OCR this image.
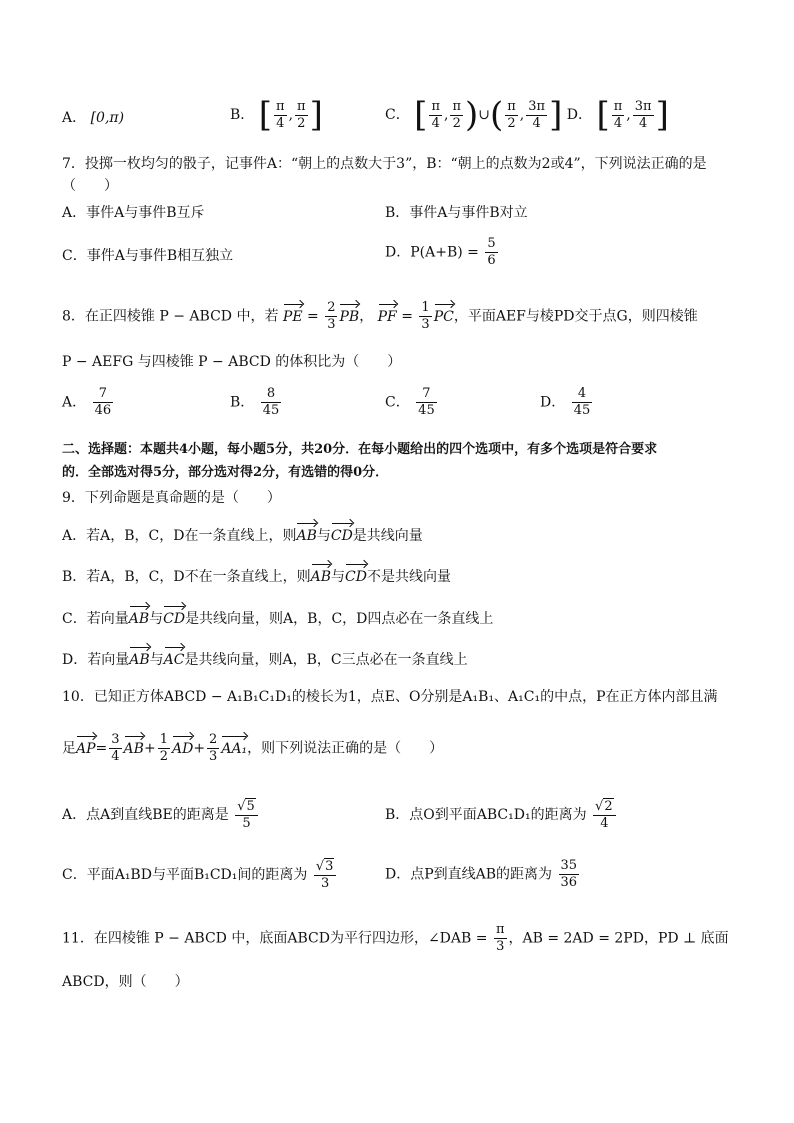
A． [0,π)	B． [ $\frac{\pi}{4}$ , $\frac{\pi}{2}$ ]	C． [ $\frac{\pi}{4}$ , $\frac{\pi}{2}$ )∪( $\frac{\pi}{2}$ , $\frac{3\pi}{4}$ ] D． [ $\frac{\pi}{4}$ , $\frac{3\pi}{4}$ ]
7．投掷一枚均匀的骰子，记事件A：“朝上的点数大于3”，B：“朝上的点数为2或4”，下列说法正确的是
（　　）
A．事件A与事件B互斥	B．事件A与事件B对立
C．事件A与事件B相互独立	D．$P(A+B) = \frac{5}{6}$
8．在正四棱锥 P − ABCD 中，若 PE = $\frac{2}{3}$ PB， PF = $\frac{1}{3}$ PC，平面AEF与棱PD交于点G，则四棱锥
P − AEFG 与四棱锥 P − ABCD 的体积比为（　　）
A． $\frac{7}{46}$	B． $\frac{8}{45}$	C． $\frac{7}{45}$	D． $\frac{4}{45}$
二、选择题：本题共4小题，每小题5分，共20分．在每小题给出的四个选项中，有多个选项是符合要求
的．全部选对得5分，部分选对得2分，有选错的得0分．
9．下列命题是真命题的是（　　）
A．若A，B，C，D在一条直线上，则AB与CD是共线向量
B．若A，B，C，D不在一条直线上，则AB与CD不是共线向量
C．若向量AB与CD是共线向量，则A，B，C，D四点必在一条直线上
D．若向量AB与AC是共线向量，则A，B，C三点必在一条直线上
10．已知正方体ABCD − A₁B₁C₁D₁的棱长为1，点E、O分别是A₁B₁、A₁C₁的中点，P在正方体内部且满
足$AP= \frac{3}{4} AB+ \frac{1}{2} AD+ \frac{2}{3} AA_1$，则下列说法正确的是（　　）
A．点A到直线BE的距离是 $\frac{√5}{5}$	B．点O到平面ABC₁D₁的距离为 $\frac{√2}{4}$
C．平面A₁BD与平面B₁CD₁间的距离为 $\frac{√3}{3}$	D．点P到直线AB的距离为 $\frac{35}{36}$
11．在四棱锥 P − ABCD 中，底面ABCD为平行四边形，∠DAB = $\frac{\pi}{3}$ ，AB = 2AD = 2PD，PD ⊥ 底面
ABCD，则（　　）
